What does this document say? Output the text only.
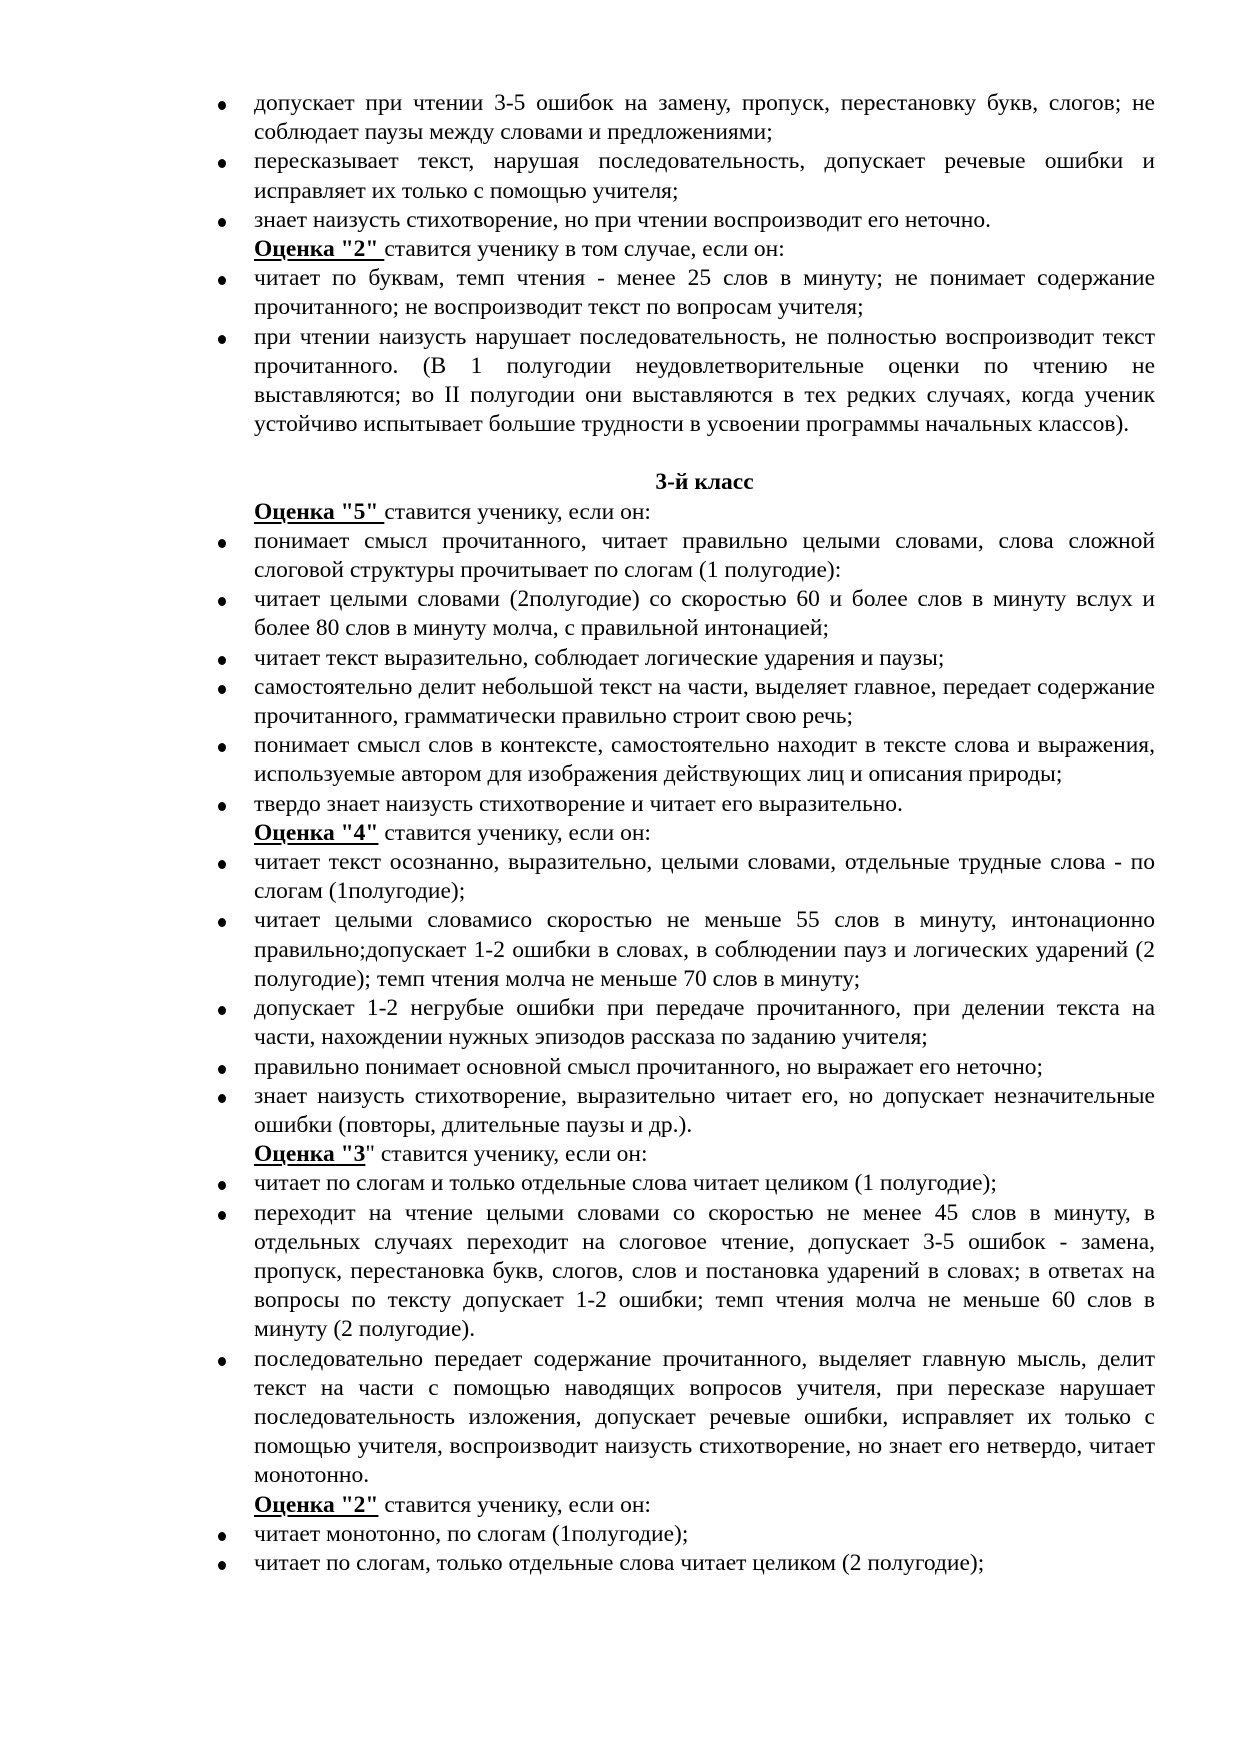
допускает при чтении 3-5 ошибок на замену, пропуск, перестановку букв, слогов; не соблюдает паузы между словами и предложениями;
пересказывает текст, нарушая последовательность, допускает речевые ошибки и исправляет их только с помощью учителя;
знает наизусть стихотворение, но при чтении воспроизводит его неточно.
Оценка "2" ставится ученику в том случае, если он:
читает по буквам, темп чтения - менее 25 слов в минуту; не понимает содержание прочитанного; не воспроизводит текст по вопросам учителя;
при чтении наизусть нарушает последовательность, не полностью воспроизводит текст прочитанного. (В 1 полугодии неудовлетворительные оценки по чтению не выставляются; во II полугодии они выставляются в тех редких случаях, когда ученик устойчиво испытывает большие трудности в усвоении программы начальных классов).
3-й класс
Оценка "5" ставится ученику, если он:
понимает смысл прочитанного, читает правильно целыми словами, слова сложной слоговой структуры прочитывает по слогам (1 полугодие):
читает целыми словами (2полугодие) со скоростью 60 и более слов в минуту вслух и более 80 слов в минуту молча, с правильной интонацией;
читает текст выразительно, соблюдает логические ударения и паузы;
самостоятельно делит небольшой текст на части, выделяет главное, передает содержание прочитанного, грамматически правильно строит свою речь;
понимает смысл слов в контексте, самостоятельно находит в тексте слова и выражения, используемые автором для изображения действующих лиц и описания природы;
твердо знает наизусть стихотворение и читает его выразительно.
Оценка "4" ставится ученику, если он:
читает текст осознанно, выразительно, целыми словами, отдельные трудные слова - по слогам (1полугодие);
читает целыми словамисо скоростью не меньше 55 слов в минуту, интонационно правильно;допускает 1-2 ошибки в словах, в соблюдении пауз и логических ударений (2 полугодие); темп чтения молча не меньше 70 слов в минуту;
допускает 1-2 негрубые ошибки при передаче прочитанного, при делении текста на части, нахождении нужных эпизодов рассказа по заданию учителя;
правильно понимает основной смысл прочитанного, но выражает его неточно;
знает наизусть стихотворение, выразительно читает его, но допускает незначительные ошибки (повторы, длительные паузы и др.).
Оценка "3" ставится ученику, если он:
читает по слогам и только отдельные слова читает целиком (1 полугодие);
переходит на чтение целыми словами со скоростью не менее 45 слов в минуту, в отдельных случаях переходит на слоговое чтение, допускает 3-5 ошибок - замена, пропуск, перестановка букв, слогов, слов и постановка ударений в словах; в ответах на вопросы по тексту допускает 1-2 ошибки; темп чтения молча не меньше 60 слов в минуту (2 полугодие).
последовательно передает содержание прочитанного, выделяет главную мысль, делит текст на части с помощью наводящих вопросов учителя, при пересказе нарушает последовательность изложения, допускает речевые ошибки, исправляет их только с помощью учителя, воспроизводит наизусть стихотворение, но знает его нетвердо, читает монотонно.
Оценка "2" ставится ученику, если он:
читает монотонно, по слогам (1полугодие);
читает по слогам, только отдельные слова читает целиком (2 полугодие);
